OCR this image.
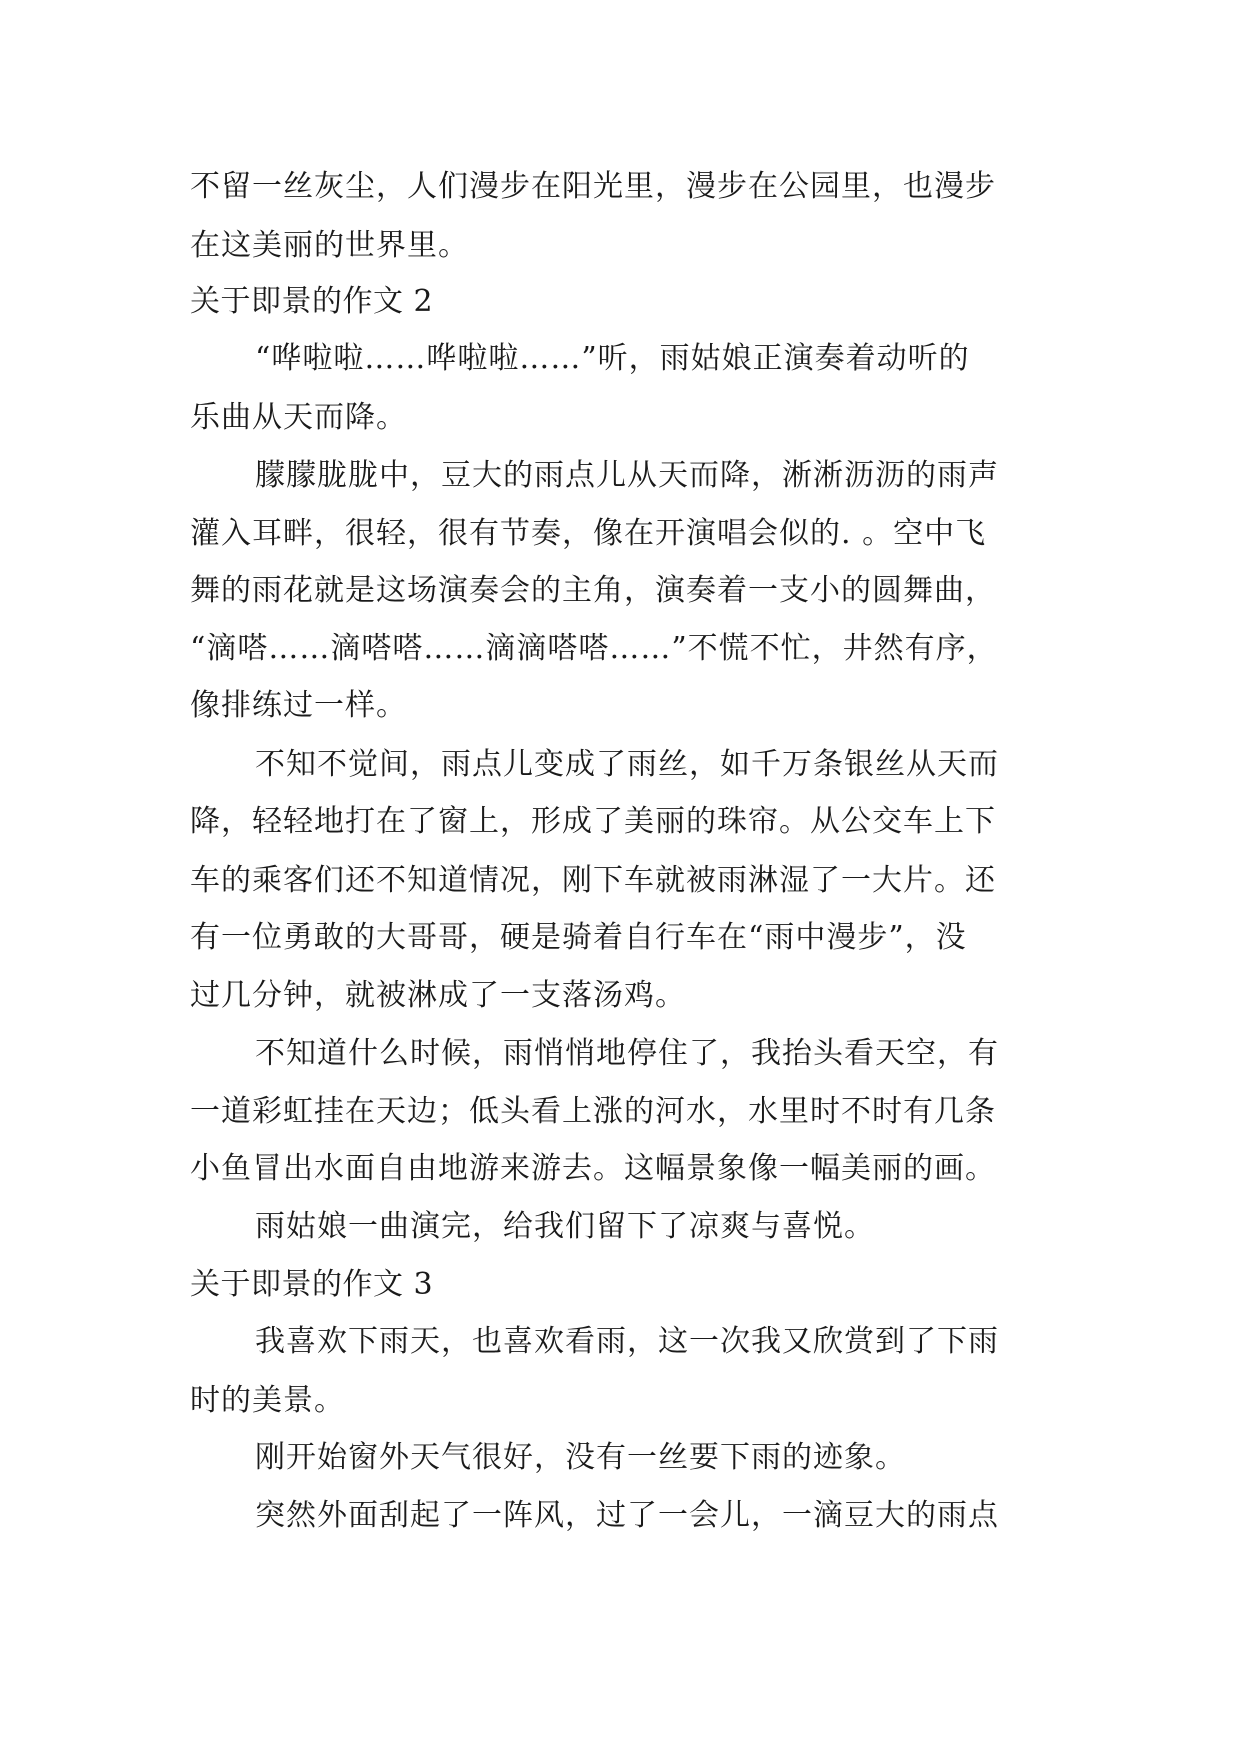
不留一丝灰尘，人们漫步在阳光里，漫步在公园里，也漫步
在这美丽的世界里。
关于即景的作文 2
“哗啦啦……哗啦啦……”听，雨姑娘正演奏着动听的
乐曲从天而降。
朦朦胧胧中，豆大的雨点儿从天而降，淅淅沥沥的雨声
灌入耳畔，很轻，很有节奏，像在开演唱会似的. 。空中飞
舞的雨花就是这场演奏会的主角，演奏着一支小的圆舞曲，
“滴嗒……滴嗒嗒……滴滴嗒嗒……”不慌不忙，井然有序，
像排练过一样。
不知不觉间，雨点儿变成了雨丝，如千万条银丝从天而
降，轻轻地打在了窗上，形成了美丽的珠帘。从公交车上下
车的乘客们还不知道情况，刚下车就被雨淋湿了一大片。还
有一位勇敢的大哥哥，硬是骑着自行车在“雨中漫步”，没
过几分钟，就被淋成了一支落汤鸡。
不知道什么时候，雨悄悄地停住了，我抬头看天空，有
一道彩虹挂在天边；低头看上涨的河水，水里时不时有几条
小鱼冒出水面自由地游来游去。这幅景象像一幅美丽的画。
雨姑娘一曲演完，给我们留下了凉爽与喜悦。
关于即景的作文 3
我喜欢下雨天，也喜欢看雨，这一次我又欣赏到了下雨
时的美景。
刚开始窗外天气很好，没有一丝要下雨的迹象。
突然外面刮起了一阵风，过了一会儿，一滴豆大的雨点
